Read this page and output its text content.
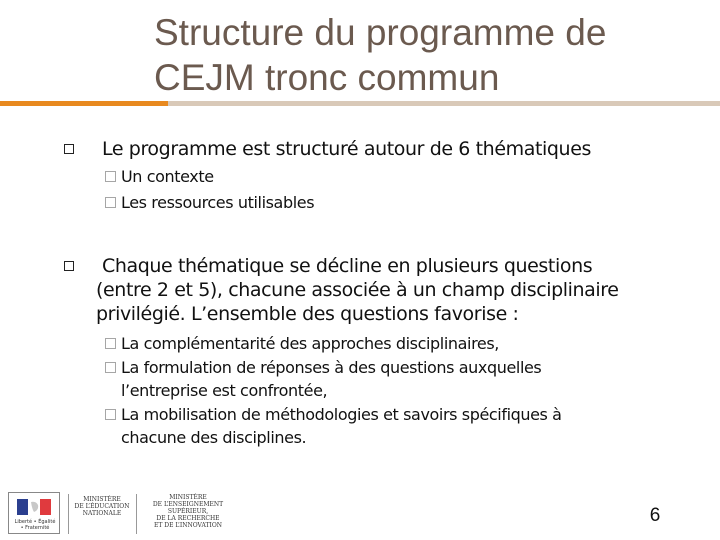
Structure du programme de
CEJM tronc commun
Le programme est structuré autour de 6 thématiques
Un contexte
Les ressources utilisables
Chaque thématique se décline en plusieurs questions
(entre 2 et 5), chacune associée à un champ disciplinaire
privilégié. L’ensemble des questions favorise :
La complémentarité des approches disciplinaires,
La formulation de réponses à des questions auxquelles
l’entreprise est confrontée,
La mobilisation de méthodologies et savoirs spécifiques à
chacune des disciplines.
Liberté • Égalité • Fraternité
MINISTÈRE
DE L’ÉDUCATION
NATIONALE
MINISTÈRE
DE L’ENSEIGNEMENT SUPÉRIEUR,
DE LA RECHERCHE
ET DE L’INNOVATION	6
